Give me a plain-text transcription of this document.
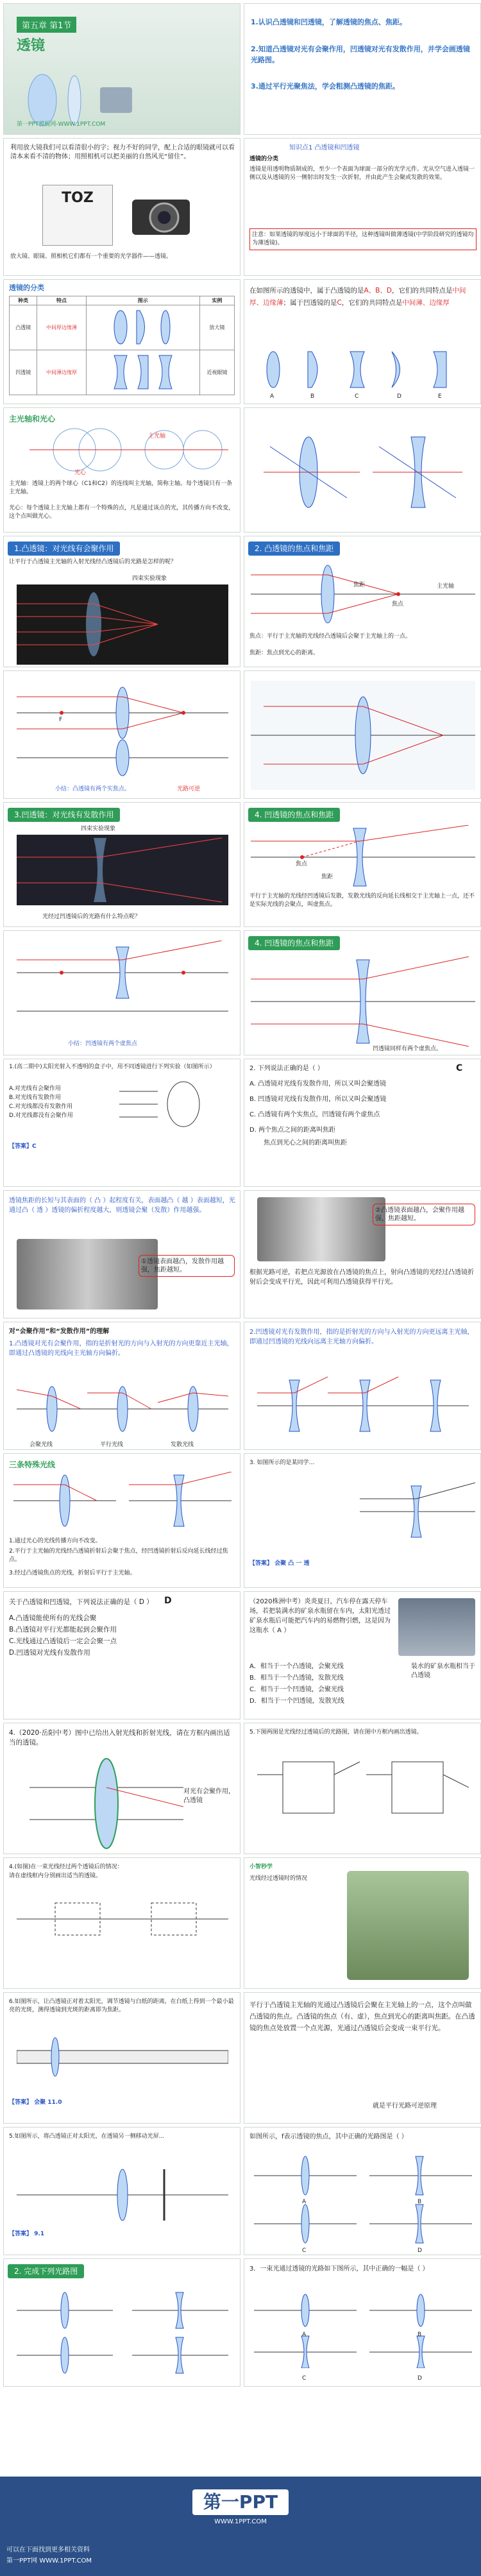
第五章 第1节
透镜
第一PPT模板网-WWW.1PPT.COM
1.认识凸透镜和凹透镜，了解透镜的焦点、焦距。
2.知道凸透镜对光有会聚作用，凹透镜对光有发散作用，并学会画透镜光路图。
3.通过平行光聚焦法，学会粗测凸透镜的焦距。
利用放大镜我们可以看清很小的字；视力不好的同学，配上合适的眼镜就可以看清本来看不清的物体；用照相机可以把美丽的自然风光“留住”。
TOZ
放大镜、眼镜、照相机它们都有一个重要的光学器件——透镜。
知识点1 凸透镜和凹透镜
透镜的分类
透镜是用透明物质制成的，至少一个表面为球面一部分的光学元件。光从空气进入透镜一侧以及从透镜的另一侧射出时发生一次折射，并由此产生会聚或发散的效果。
注意：如果透镜的厚度远小于球面的半径，这种透镜叫做薄透镜(中学阶段研究的透镜均为薄透镜)。
透镜的分类
种类	特点	图示	实例
凸透镜	中间厚边缘薄		放大镜
凹透镜	中间薄边缘厚		近视眼镜
在如图所示的透镜中，属于凸透镜的是A、B、D，它们的共同特点是中间厚、边缘薄；属于凹透镜的是C，它们的共同特点是中间薄、边缘厚
A	B	C	D	E
主光轴和光心
主光轴
光心
主光轴：透镜上的两个球心（C1和C2）的连线叫主光轴，简称主轴。每个透镜只有一条主光轴。
光心：每个透镜上主光轴上都有一个特殊的点，凡是通过该点的光，其传播方向不改变，这个点叫做光心。
1.凸透镜：对光线有会聚作用
让平行于凸透镜主光轴的入射光线经凸透镜后的光路是怎样的呢？
四束实验现象
2. 凸透镜的焦点和焦距
焦点
焦距	主光轴
焦点：平行于主光轴的光线经凸透镜后会聚于主光轴上的一点。
焦距：焦点到光心的距离。
F
小结：凸透镜有两个实焦点。	光路可逆
3.凹透镜：对光线有发散作用
四束实验现象
光经过凹透镜后的光路有什么特点呢？
4. 凹透镜的焦点和焦距
焦点
焦距
平行于主光轴的光线经凹透镜后发散，发散光线的反向延长线相交于主光轴上一点，还不是实际光线的会聚点，叫虚焦点。
小结：凹透镜有两个虚焦点
4. 凹透镜的焦点和焦距
凹透镜同样有两个虚焦点。
1.(高二期中)太阳光射入不透明的盒子中，用不同透镜进行下列实验（如图所示）
A.对光线有会聚作用
B.对光线有发散作用
C.对光线都没有发散作用
D.对光线都没有会聚作用
【答案】C
2. 下列说法正确的是（ ）
A. 凸透镜对光线有发散作用，所以又叫会聚透镜
B. 凹透镜对光线有发散作用，所以又叫会聚透镜
C. 凸透镜有两个实焦点，凹透镜有两个虚焦点
D. 两个焦点之间的距离叫焦距
焦点到光心之间的距离叫焦距
C
透镜焦距的长短与其表面的（ 凸 ）起程度有关，表面越凸（ 越 ）表面越短，光通过凸（ 透 ）透镜的偏折程度越大，则透镜会聚（发散）作用越强。
①透镜表面越凸，发散作用越强，焦距越短。
②凸透镜表面越凸，会聚作用越强，焦距越短。
根据光路可逆，若把点光源放在凸透镜的焦点上，射向凸透镜的光经过凸透镜折射后会变成平行光，因此可利用凸透镜获得平行光。
对“会聚作用”和“发散作用”的理解
1.凸透镜对光有会聚作用，指的是折射光的方向与入射光的方向更靠近主光轴，即通过凸透镜的光线向主光轴方向偏折。
会聚光线	平行光线	发散光线
2.凹透镜对光有发散作用，指的是折射光的方向与入射光的方向更远离主光轴，即通过凹透镜的光线向远离主光轴方向偏折。
三条特殊光线
1.通过光心的光线传播方向不改变。
2.平行于主光轴的光线经凸透镜折射后会聚于焦点，经凹透镜折射后反向延长线经过焦点。
3.经过凸透镜焦点的光线，折射后平行于主光轴。
3. 如图所示的是某同学…
【答案】 会聚 凸 一 透
关于凸透镜和凹透镜，下列说法正确的是（ D ）
A.凸透镜能使所有的光线会聚
B.凸透镜对平行光都能起到会聚作用
C.光线通过凸透镜后一定会会聚一点
D.凹透镜对光线有发散作用
D	（2020株洲中考）炎炎夏日，汽车停在露天停车场，若把装满水的矿泉水瓶留在车内，太阳光透过矿泉水瓶后可能把汽车内的易燃物引燃，这是因为这瓶水（ A ）
A．相当于一个凸透镜，会聚光线
B．相当于一个凸透镜，发散光线
C．相当于一个凹透镜，会聚光线
D．相当于一个凹透镜，发散光线
装水的矿泉水瓶相当于凸透镜
4.（2020·岳阳中考）图中已给出入射光线和折射光线，请在方框内画出适当的透镜。
对光有会聚作用，凸透镜
5.下图两图是光线经过透镜后的光路图，请在图中方框内画出透镜。
4.(如图)在一束光线经过两个透镜后的情况：
请在虚线框内分别画出适当的透镜。
小智秒学
光线经过透镜时的情况
6.如图所示，让凸透镜正对着太阳光，调节透镜与白纸的距离，在白纸上得到一个最小最亮的光斑，测得透镜到光斑的距离即为焦距。
【答案】 会聚 11.0
平行于凸透镜主光轴的光通过凸透镜后会聚在主光轴上的一点，这个点叫做凸透镜的焦点。凸透镜的焦点（有、虚），焦点到光心的距离叫焦距。在凸透镜的焦点处放置一个点光源，光通过凸透镜后会变成一束平行光。
就是平行光路可逆原理
5.如图所示，将凸透镜正对太阳光，在透镜另一侧移动光屏...
【答案】 9.1
如图所示，f表示透镜的焦点，其中正确的光路图是（ ）
A	B
C	D
2. 完成下列光路图	3．一束光通过透镜的光路如下图所示，其中正确的一幅是（ ）
A	B
C	D
第一PPT
WWW.1PPT.COM
可以在下面找到更多相关资料
第一PPT网 WWW.1PPT.COM
